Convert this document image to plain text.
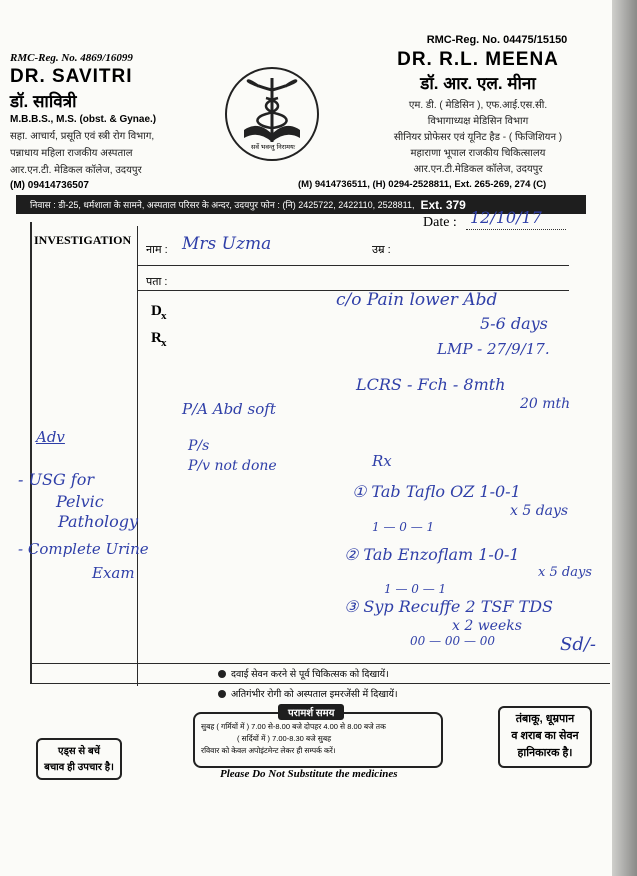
RMC-Reg. No. 4869/16099
DR. SAVITRI
डॉ. सावित्री
M.B.B.S., M.S. (obst. & Gynae.)
सहा. आचार्य, प्रसूति एवं स्त्री रोग विभाग,
पन्नाधाय महिला राजकीय अस्पताल
आर.एन.टी. मेडिकल कॉलेज, उदयपुर
(M) 09414736507
सर्वे भवन्तु निरामयः
RMC-Reg. No. 04475/15150
DR. R.L. MEENA
डॉ. आर. एल. मीना
एम. डी. ( मेडिसिन ), एफ.आई.एस.सी.
विभागाध्यक्ष मेडिसिन विभाग
सीनियर प्रोफेसर एवं यूनिट हैड - ( फिजिशियन )
महाराणा भूपाल राजकीय चिकित्सालय
आर.एन.टी.मेडिकल कॉलेज, उदयपुर
(M) 9414736511, (H) 0294-2528811, Ext. 265-269, 274 (C)
निवास : डी-25, धर्मशाला के सामने, अस्पताल परिसर के अन्दर, उदयपुर फोन : (नि) 2425722, 2422110, 2528811, Ext. 379
INVESTIGATION
नाम :	उम्र :
पता :
Date : 12/10/17
Mrs Uzma
D x
R x
c/o Pain lower Abd
5-6 days
LMP - 27/9/17.
LCRS - Fch - 8mth
20 mth
P/A Abd soft
P/s
P/v not done	Rx
Adv
- USG for
Pelvic
Pathology
- Complete Urine
Exam
① Tab Taflo OZ 1-0-1
x 5 days
1 — 0 — 1
② Tab Enzoflam 1-0-1
x 5 days
1 — 0 — 1
③ Syp Recuffe 2 TSF TDS
x 2 weeks
00 — 00 — 00	Sd/-
दवाई सेवन करने से पूर्व चिकित्सक को दिखायें।
अतिगंभीर रोगी को अस्पताल इमरजेंसी में दिखायें।
सुबह ( गर्मियों में ) 7.00 से-8.00 बजे दोपहर 4.00 से 8.00 बजे तक
( सर्दियों में ) 7.00-8.30 बजे सुबह
रविवार को केवल अपोइंटमेन्ट लेकर ही सम्पर्क करें।
परामर्श समय
एड्स से बचें
बचाव ही उपचार है।
तंबाकू, धूम्रपान
व शराब का सेवन
हानिकारक है।
Please Do Not Substitute the medicines
